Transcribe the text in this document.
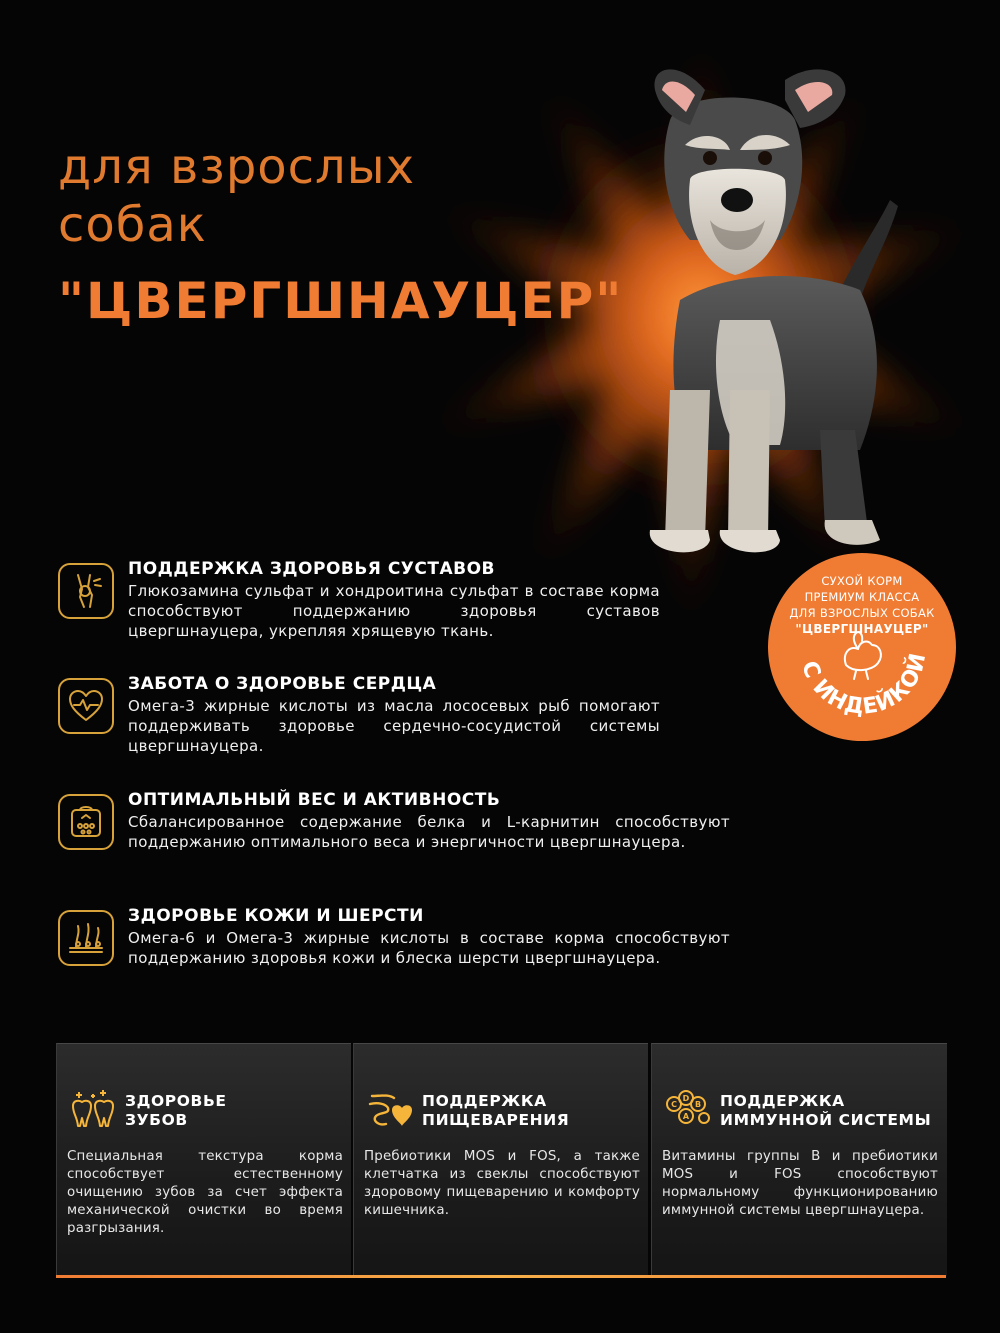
для взрослых
собак
"ЦВЕРГШНАУЦЕР"
СУХОЙ КОРМ
ПРЕМИУМ КЛАССА
ДЛЯ ВЗРОСЛЫХ СОБАК
"ЦВЕРГШНАУЦЕР"
С ИНДЕЙКОЙ
ПОДДЕРЖКА ЗДОРОВЬЯ СУСТАВОВ
Глюкозамина сульфат и хондроитина сульфат в составе корма способствуют поддержанию здоровья суставов цвергшнауцера, укрепляя хрящевую ткань.
ЗАБОТА О ЗДОРОВЬЕ СЕРДЦА
Омега-3 жирные кислоты из масла лососевых рыб помогают поддерживать здоровье сердечно-сосудистой системы цвергшнауцера.
ОПТИМАЛЬНЫЙ ВЕС И АКТИВНОСТЬ
Сбалансированное содержание белка и L-карнитин способствуют поддержанию оптимального веса и энергичности цвергшнауцера.
ЗДОРОВЬЕ КОЖИ И ШЕРСТИ
Омега-6 и Омега-3 жирные кислоты в составе корма способствуют поддержанию здоровья кожи и блеска шерсти цвергшнауцера.
ЗДОРОВЬЕ
ЗУБОВ
Специальная текстура корма способствует естественному очищению зубов за счет эффекта механической очистки во время разгрызания.
ПОДДЕРЖКА
ПИЩЕВАРЕНИЯ
Пребиотики MOS и FOS, а также клетчатка из свеклы способствуют здоровому пищеварению и комфорту кишечника.
C
D
B
A
ПОДДЕРЖКА
ИММУННОЙ СИСТЕМЫ
Витамины группы В и пребиотики MOS и FOS способствуют нормальному функционированию иммунной системы цвергшнауцера.
